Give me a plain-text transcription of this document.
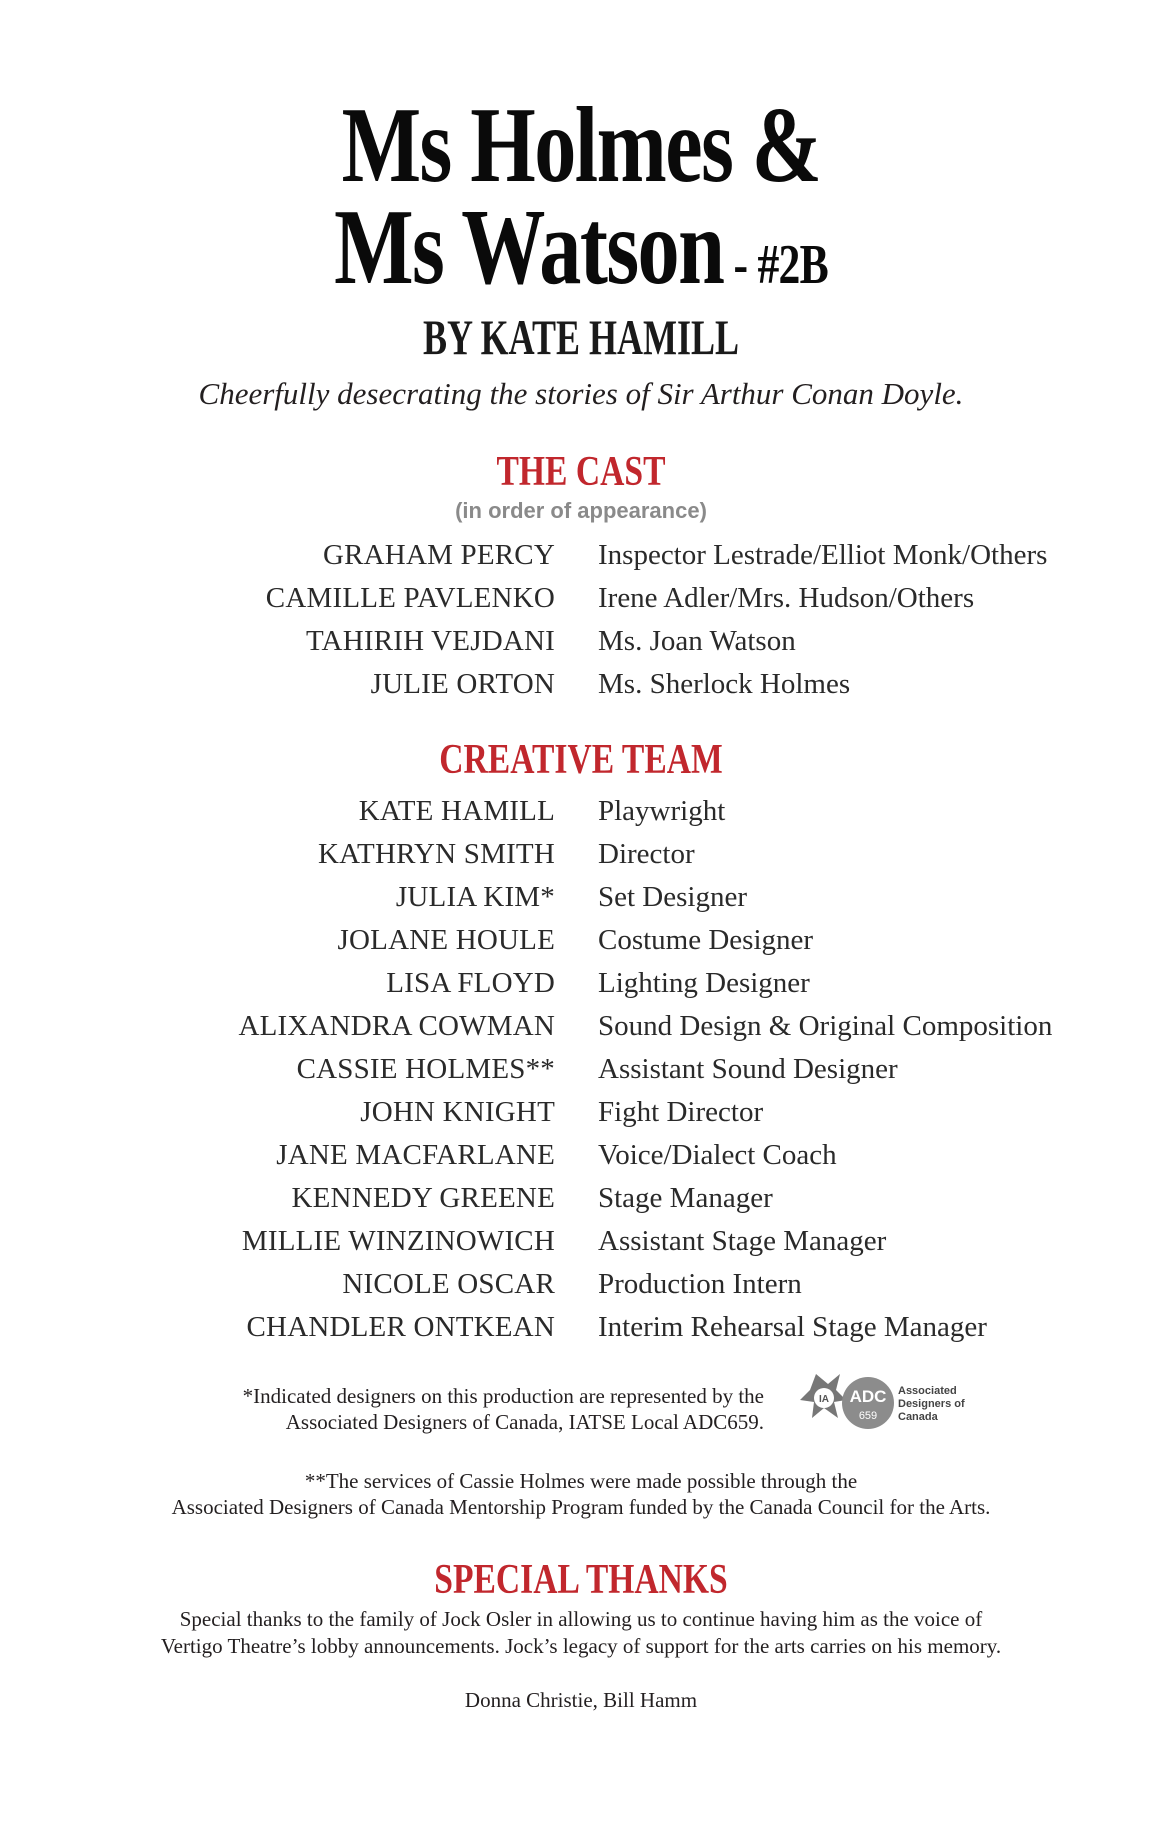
Ms Holmes &
Ms Watson - #2B
BY KATE HAMILL
Cheerfully desecrating the stories of Sir Arthur Conan Doyle.
THE CAST
(in order of appearance)
GRAHAM PERCY Inspector Lestrade/Elliot Monk/Others
CAMILLE PAVLENKO Irene Adler/Mrs. Hudson/Others
TAHIRIH VEJDANI Ms. Joan Watson
JULIE ORTON Ms. Sherlock Holmes
CREATIVE TEAM
KATE HAMILL Playwright
KATHRYN SMITH Director
JULIA KIM* Set Designer
JOLANE HOULE Costume Designer
LISA FLOYD Lighting Designer
ALIXANDRA COWMAN Sound Design & Original Composition
CASSIE HOLMES** Assistant Sound Designer
JOHN KNIGHT Fight Director
JANE MACFARLANE Voice/Dialect Coach
KENNEDY GREENE Stage Manager
MILLIE WINZINOWICH Assistant Stage Manager
NICOLE OSCAR Production Intern
CHANDLER ONTKEAN Interim Rehearsal Stage Manager
*Indicated designers on this production are represented by the
Associated Designers of Canada, IATSE Local ADC659.
IA ADC
659
Associated
Designers of
Canada
**The services of Cassie Holmes were made possible through the
Associated Designers of Canada Mentorship Program funded by the Canada Council for the Arts.
SPECIAL THANKS
Special thanks to the family of Jock Osler in allowing us to continue having him as the voice of
Vertigo Theatre’s lobby announcements. Jock’s legacy of support for the arts carries on his memory.
Donna Christie, Bill Hamm
